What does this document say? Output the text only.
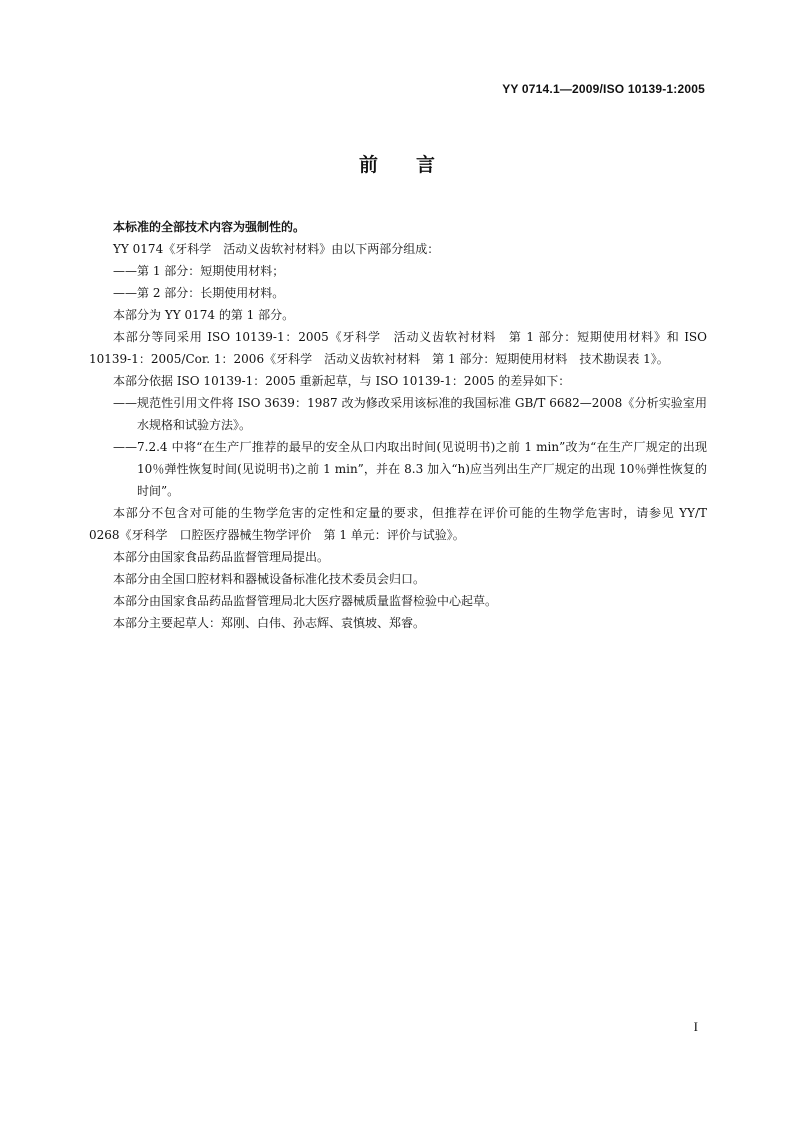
YY 0714.1—2009/ISO 10139-1:2005
前言

本标准的全部技术内容为强制性的。

YY 0174《牙科学　活动义齿软衬材料》由以下两部分组成：

—— 第 1 部分：短期使用材料；
—— 第 2 部分：长期使用材料。

本部分为 YY 0174 的第 1 部分。

本部分等同采用 ISO 10139-1：2005《牙科学　活动义齿软衬材料　第 1 部分：短期使用材料》和 ISO 10139-1：2005/Cor. 1：2006《牙科学　活动义齿软衬材料　第 1 部分：短期使用材料　技术勘误表 1》。

本部分依据 ISO 10139-1：2005 重新起草，与 ISO 10139-1：2005 的差异如下：

—— 规范性引用文件将 ISO 3639：1987 改为修改采用该标准的我国标准 GB/T 6682—2008《分析实验室用水规格和试验方法》。
—— 7.2.4 中将“在生产厂推荐的最早的安全从口内取出时间(见说明书)之前 1 min”改为“在生产厂规定的出现 10％弹性恢复时间(见说明书)之前 1 min”，并在 8.3 加入“h)应当列出生产厂规定的出现 10％弹性恢复的时间”。

本部分不包含对可能的生物学危害的定性和定量的要求，但推荐在评价可能的生物学危害时，请参见 YY/T 0268《牙科学　口腔医疗器械生物学评价　第 1 单元：评价与试验》。

本部分由国家食品药品监督管理局提出。

本部分由全国口腔材料和器械设备标准化技术委员会归口。

本部分由国家食品药品监督管理局北大医疗器械质量监督检验中心起草。

本部分主要起草人：郑刚、白伟、孙志辉、袁慎坡、郑睿。

I
